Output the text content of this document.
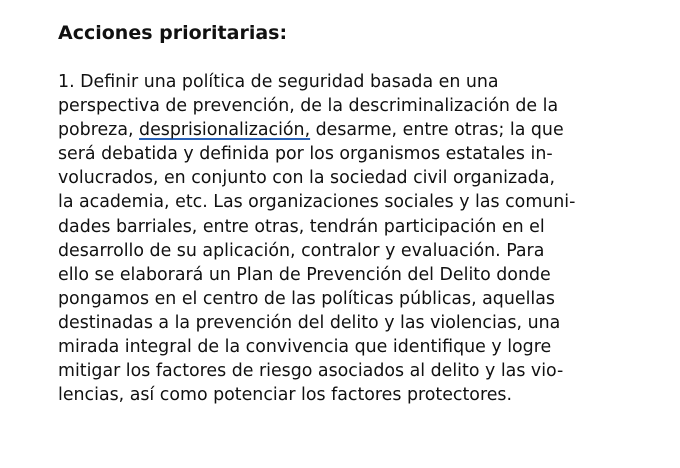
Acciones prioritarias:

1. Definir una política de seguridad basada en una
perspectiva de prevención, de la descriminalización de la
pobreza, desprisionalización, desarme, entre otras; la que
será debatida y definida por los organismos estatales in-
volucrados, en conjunto con la sociedad civil organizada,
la academia, etc. Las organizaciones sociales y las comuni-
dades barriales, entre otras, tendrán participación en el
desarrollo de su aplicación, contralor y evaluación. Para
ello se elaborará un Plan de Prevención del Delito donde
pongamos en el centro de las políticas públicas, aquellas
destinadas a la prevención del delito y las violencias, una
mirada integral de la convivencia que identifique y logre
mitigar los factores de riesgo asociados al delito y las vio-
lencias, así como potenciar los factores protectores.
